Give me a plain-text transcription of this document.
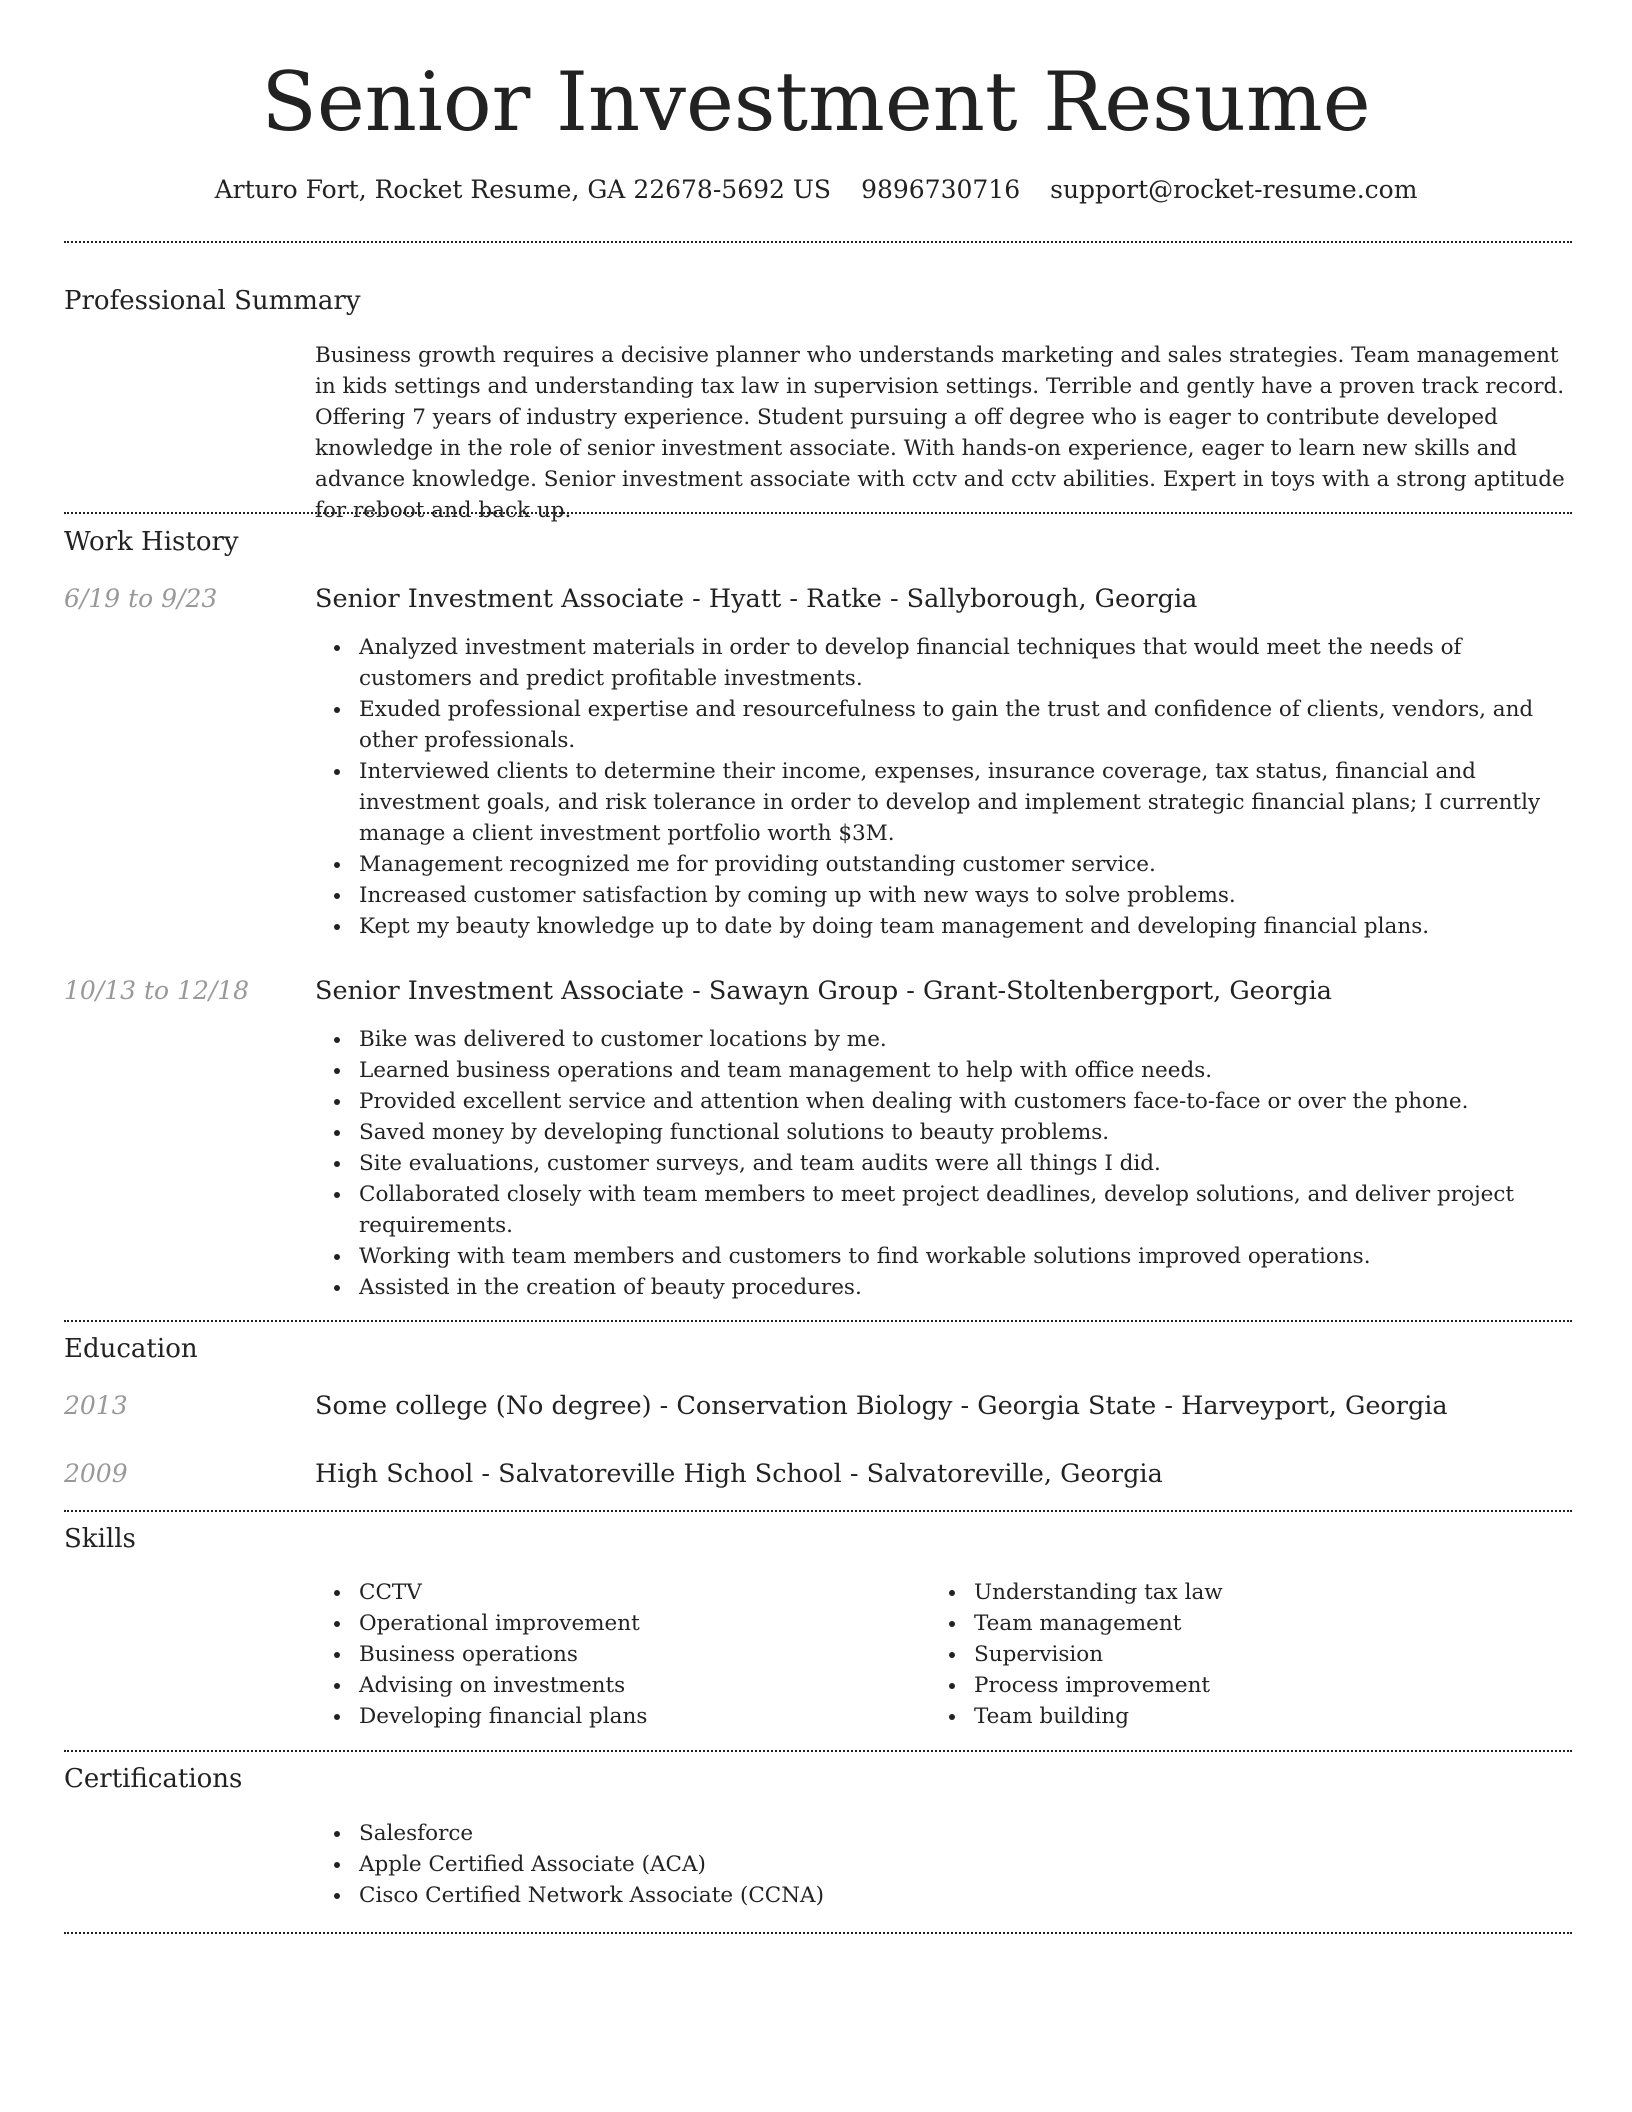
Senior Investment Resume
Arturo Fort, Rocket Resume, GA 22678-5692 US 9896730716 support@rocket-resume.com
Professional Summary

Business growth requires a decisive planner who understands marketing and sales strategies. Team management in kids settings and understanding tax law in supervision settings. Terrible and gently have a proven track record. Offering 7 years of industry experience. Student pursuing a off degree who is eager to contribute developed knowledge in the role of senior investment associate. With hands-on experience, eager to learn new skills and advance knowledge. Senior investment associate with cctv and cctv abilities. Expert in toys with a strong aptitude for reboot and back up.

Work History
6/19 to 9/23	Senior Investment Associate - Hyatt - Ratke - Sallyborough, Georgia
Analyzed investment materials in order to develop financial techniques that would meet the needs of customers and predict profitable investments.
Exuded professional expertise and resourcefulness to gain the trust and confidence of clients, vendors, and other professionals.
Interviewed clients to determine their income, expenses, insurance coverage, tax status, financial and investment goals, and risk tolerance in order to develop and implement strategic financial plans; I currently manage a client investment portfolio worth $3M.
Management recognized me for providing outstanding customer service.
Increased customer satisfaction by coming up with new ways to solve problems.
Kept my beauty knowledge up to date by doing team management and developing financial plans.
10/13 to 12/18	Senior Investment Associate - Sawayn Group - Grant-Stoltenbergport, Georgia
Bike was delivered to customer locations by me.
Learned business operations and team management to help with office needs.
Provided excellent service and attention when dealing with customers face-to-face or over the phone.
Saved money by developing functional solutions to beauty problems.
Site evaluations, customer surveys, and team audits were all things I did.
Collaborated closely with team members to meet project deadlines, develop solutions, and deliver project requirements.
Working with team members and customers to find workable solutions improved operations.
Assisted in the creation of beauty procedures.
Education
2013	Some college (No degree) - Conservation Biology - Georgia State - Harveyport, Georgia
2009	High School - Salvatoreville High School - Salvatoreville, Georgia
Skills
CCTV
Operational improvement
Business operations
Advising on investments
Developing financial plans
Understanding tax law
Team management
Supervision
Process improvement
Team building
Certifications
Salesforce
Apple Certified Associate (ACA)
Cisco Certified Network Associate (CCNA)
